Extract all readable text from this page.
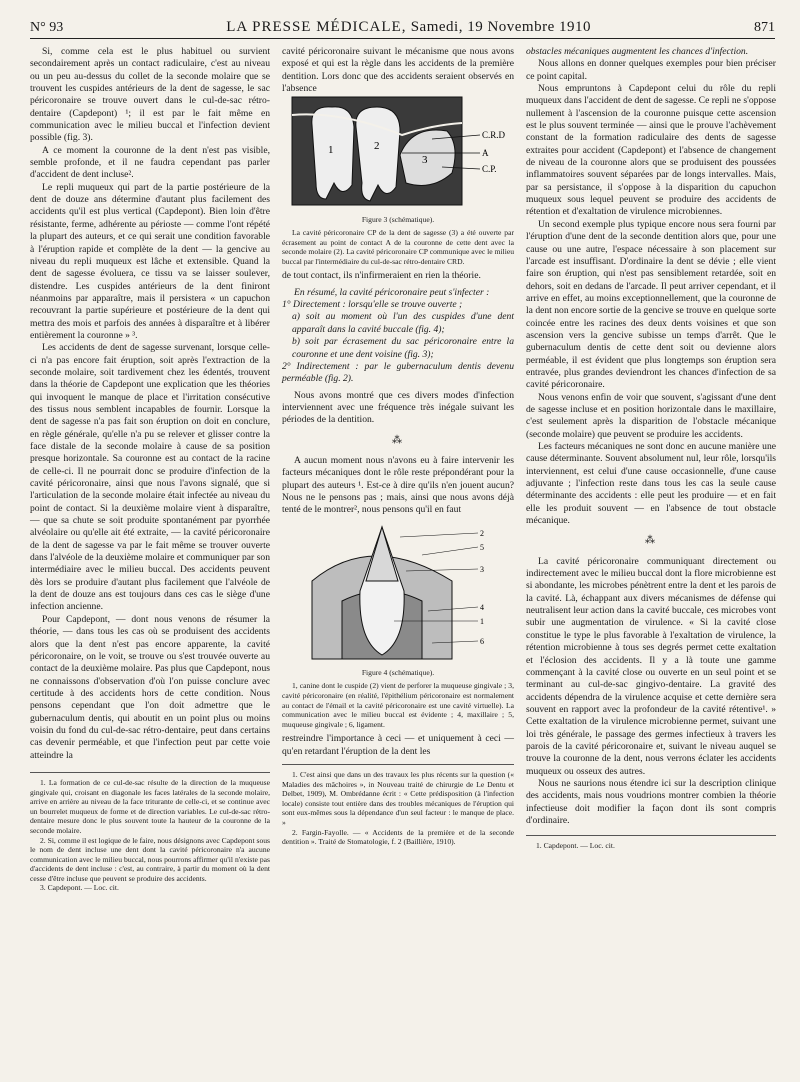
N° 93	LA PRESSE MÉDICALE, Samedi, 19 Novembre 1910	871

Si, comme cela est le plus habituel ou survient secondairement après un contact radiculaire, c'est au niveau ou un peu au-dessus du collet de la seconde molaire que se trouvent les cuspides antérieurs de la dent de sagesse, le sac péricoronaire se trouve ouvert dans le cul-de-sac rétro-dentaire (Capdepont) ¹; il est par le fait même en communication avec le milieu buccal et l'infection devient possible (fig. 3).

A ce moment la couronne de la dent n'est pas visible, semble profonde, et il ne faudra cependant pas parler d'accident de dent incluse².

Le repli muqueux qui part de la partie postérieure de la dent de douze ans détermine d'autant plus facilement des accidents qu'il est plus vertical (Capdepont). Bien loin d'être résistante, ferme, adhérente au périoste — comme l'ont répété la plupart des auteurs, et ce qui serait une condition favorable à l'éruption rapide et complète de la dent — la gencive au niveau du repli muqueux est lâche et extensible. Quand la dent de sagesse évoluera, ce tissu va se laisser soulever, distendre. Les cuspides antérieurs de la dent finiront néanmoins par apparaître, mais il persistera « un capuchon recouvrant la partie supérieure et postérieure de la dent qui mettra des mois et parfois des années à disparaître et à libérer entièrement la couronne » ³.

Les accidents de dent de sagesse survenant, lorsque celle-ci n'a pas encore fait éruption, soit après l'extraction de la seconde molaire, soit tardivement chez les édentés, trouvent dans la théorie de Capdepont une explication que les théories qui invoquent le manque de place et l'irritation consécutive des tissus nous semblent incapables de fournir. Lorsque la dent de sagesse n'a pas fait son éruption on doit en conclure, en règle générale, qu'elle n'a pu se relever et glisser contre la face distale de la seconde molaire à cause de sa position presque horizontale. Sa couronne est au contact de la racine de celle-ci. Il ne pourrait donc se produire d'infection de la cavité péricoronaire, ainsi que nous l'avons signalé, que si l'articulation de la seconde molaire était infectée au niveau du point de contact. Si la deuxième molaire vient à disparaître, — que sa chute se soit produite spontanément par pyorrhée alvéolaire ou qu'elle ait été extraite, — la cavité péricoronaire de la dent de sagesse va par le fait même se trouver ouverte dans l'alvéole de la deuxième molaire et communiquer par son intermédiaire avec le milieu buccal. Des accidents peuvent dès lors se produire d'autant plus facilement que l'alvéole de la dent de douze ans est toujours dans ces cas le siège d'une infection ancienne.

Pour Capdepont, — dont nous venons de résumer la théorie, — dans tous les cas où se produisent des accidents alors que la dent n'est pas encore apparente, la cavité péricoronaire, on le voit, se trouve ou s'est trouvée ouverte au contact de la deuxième molaire. Pas plus que Capdepont, nous ne connaissons d'observation d'où l'on puisse conclure avec certitude à des accidents hors de cette condition. Nous pensons cependant que l'on doit admettre que le gubernaculum dentis, qui aboutit en un point plus ou moins voisin du fond du cul-de-sac rétro-dentaire, peut dans certains cas devenir perméable, et que l'infection peut par cette voie atteindre la

1. La formation de ce cul-de-sac résulte de la direction de la muqueuse gingivale qui, croisant en diagonale les faces latérales de la seconde molaire, arrive en arrière au niveau de la face triturante de celle-ci, et se continue avec un bourrelet muqueux de forme et de direction variables. Le cul-de-sac rétro-dentaire mesure donc le plus souvent toute la hauteur de la couronne de la seconde molaire.

2. Si, comme il est logique de le faire, nous désignons avec Capdepont sous le nom de dent incluse une dent dont la cavité péricoronaire n'a aucune communication avec le milieu buccal, nous pourrons affirmer qu'il n'existe pas d'accidents de dent incluse : c'est, au contraire, à partir du moment où la dent cesse d'être incluse que peuvent se produire des accidents.

3. Capdepont. — Loc. cit.

cavité péricoronaire suivant le mécanisme que nous avons exposé et qui est la règle dans les accidents de la première dentition. Lors donc que des accidents seraient observés en l'absence

C.R.D
A
C.P.
1	2
3
Figure 3 (schématique).

La cavité péricoronaire CP de la dent de sagesse (3) a été ouverte par écrasement au point de contact A de la couronne de cette dent avec la seconde molaire (2). La cavité péricoronaire CP communique avec le milieu buccal par l'intermédiaire du cul-de-sac rétro-dentaire CRD.

de tout contact, ils n'infirmeraient en rien la théorie.

En résumé, la cavité péricoronaire peut s'infecter :

1° Directement : lorsqu'elle se trouve ouverte ;

a) soit au moment où l'un des cuspides d'une dent apparaît dans la cavité buccale (fig. 4);

b) soit par écrasement du sac péricoronaire entre la couronne et une dent voisine (fig. 3);

2° Indirectement : par le gubernaculum dentis devenu perméable (fig. 2).

Nous avons montré que ces divers modes d'infection interviennent avec une fréquence très inégale suivant les périodes de la dentition.

⁂

A aucun moment nous n'avons eu à faire intervenir les facteurs mécaniques dont le rôle reste prépondérant pour la plupart des auteurs ¹. Est-ce à dire qu'ils n'en jouent aucun? Nous ne le pensons pas ; mais, ainsi que nous avons déjà tenté de le montrer², nous pensons qu'il en faut

2
5
3
4
1
6
Figure 4 (schématique).

1, canine dont le cuspide (2) vient de perforer la muqueuse gingivale ; 3, cavité péricoronaire (en réalité, l'épithélium péricoronaire est normalement au contact de l'émail et la cavité péricoronaire est une cavité virtuelle). La communication avec le milieu buccal est évidente ; 4, maxillaire ; 5, muqueuse gingivale ; 6, ligament.

restreindre l'importance à ceci — et uniquement à ceci — qu'en retardant l'éruption de la dent les

1. C'est ainsi que dans un des travaux les plus récents sur la question (« Maladies des mâchoires », in Nouveau traité de chirurgie de Le Dentu et Delbet, 1909), M. Ombrédanne écrit : « Cette prédisposition (à l'infection locale) consiste tout entière dans des troubles mécaniques de l'éruption qui sont eux-mêmes sous la dépendance d'un seul facteur : le manque de place. »

2. Fargin-Fayolle. — « Accidents de la première et de la seconde dentition ». Traité de Stomatologie, f. 2 (Baillière, 1910).

obstacles mécaniques augmentent les chances d'infection.

Nous allons en donner quelques exemples pour bien préciser ce point capital.

Nous empruntons à Capdepont celui du rôle du repli muqueux dans l'accident de dent de sagesse. Ce repli ne s'oppose nullement à l'ascension de la couronne puisque cette ascension est le plus souvent terminée — ainsi que le prouve l'achèvement constant de la formation radiculaire des dents de sagesse extraites pour accident (Capdepont) et l'absence de changement de niveau de la couronne alors que se produisent des poussées inflammatoires souvent séparées par de longs intervalles. Mais, par sa persistance, il s'oppose à la disparition du capuchon muqueux sous lequel peuvent se produire des accidents de rétention et d'exaltation de virulence microbiennes.

Un second exemple plus typique encore nous sera fourni par l'éruption d'une dent de la seconde dentition alors que, pour une cause ou une autre, l'espace nécessaire à son placement sur l'arcade est insuffisant. D'ordinaire la dent se dévie ; elle vient faire son éruption, qui n'est pas sensiblement retardée, soit en dehors, soit en dedans de l'arcade. Il peut arriver cependant, et il arrive en effet, au moins exceptionnellement, que la couronne de la dent non encore sortie de la gencive se trouve en quelque sorte coincée entre les racines des deux dents voisines et que son ascension vers la gencive subisse un temps d'arrêt. Que le gubernaculum dentis de cette dent soit ou devienne alors perméable, il est évident que plus longtemps son éruption sera entravée, plus grandes deviendront les chances d'infection de sa cavité péricoronaire.

Nous venons enfin de voir que souvent, s'agissant d'une dent de sagesse incluse et en position horizontale dans le maxillaire, c'est seulement après la disparition de l'obstacle mécanique (seconde molaire) que peuvent se produire les accidents.

Les facteurs mécaniques ne sont donc en aucune manière une cause déterminante. Souvent absolument nul, leur rôle, lorsqu'ils interviennent, est celui d'une cause occasionnelle, d'une cause adjuvante ; l'infection reste dans tous les cas la seule cause déterminante des accidents : elle peut les produire — et en fait elle les produit souvent — en l'absence de tout obstacle mécanique.

⁂

La cavité péricoronaire communiquant directement ou indirectement avec le milieu buccal dont la flore microbienne est si abondante, les microbes pénètrent entre la dent et les parois de la cavité. Là, échappant aux divers mécanismes de défense qui neutralisent leur action dans la cavité buccale, ces microbes vont subir une augmentation de virulence. « Si la cavité close constitue le type le plus favorable à l'exaltation de virulence, la rétention microbienne à tous ses degrés permet cette exaltation et l'éclosion des accidents. Il y a là toute une gamme commençant à la cavité close ou ouverte en un seul point et se terminant au cul-de-sac gingivo-dentaire. La gravité des accidents dépendra de la virulence acquise et cette dernière sera souvent en rapport avec la profondeur de la cavité rétentive¹. » Cette exaltation de la virulence microbienne permet, suivant une loi très générale, le passage des germes infectieux à travers les parois de la cavité péricoronaire et, suivant le niveau auquel se trouve la couronne de la dent, nous verrons éclater les accidents muqueux ou osseux des autres.

Nous ne saurions nous étendre ici sur la description clinique des accidents, mais nous voudrions montrer combien la théorie infectieuse doit modifier la façon dont ils sont compris d'ordinaire.

1. Capdepont. — Loc. cit.
